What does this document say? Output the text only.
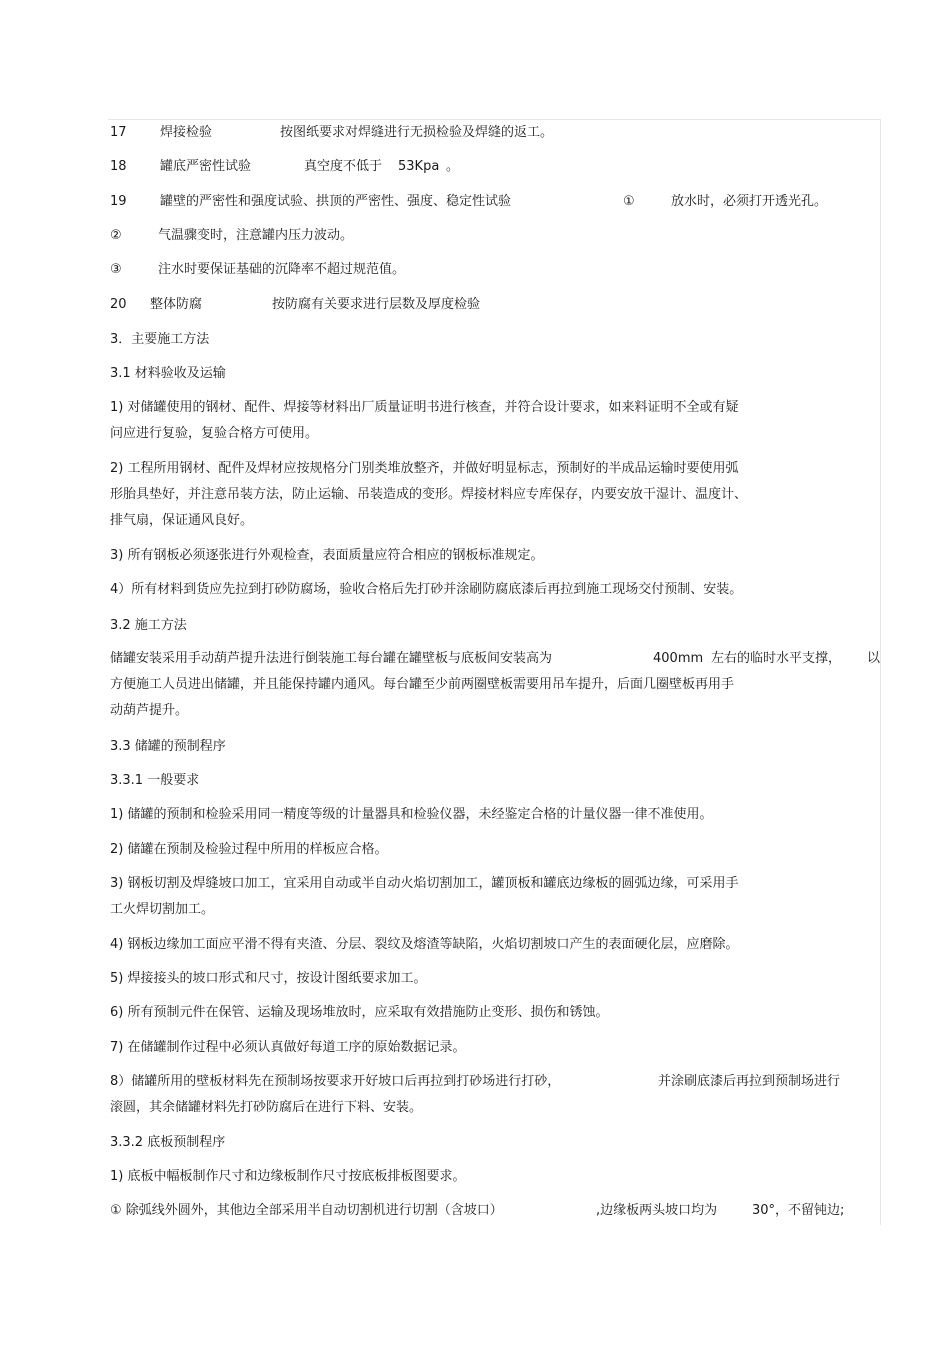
17	焊接检验	按图纸要求对焊缝进行无损检验及焊缝的返工。
18	罐底严密性试验	真空度不低于 53Kpa 。
19	罐壁的严密性和强度试验、拱顶的严密性、强度、稳定性试验	①	放水时，必须打开透光孔。
②	气温骤变时，注意罐内压力波动。
③	注水时要保证基础的沉降率不超过规范值。
20 整体防腐	按防腐有关要求进行层数及厚度检验
3．主要施工方法
3.1 材料验收及运输
1) 对储罐使用的钢材、配件、焊接等材料出厂质量证明书进行核查，并符合设计要求，如来料证明不全或有疑
问应进行复验，复验合格方可使用。
2) 工程所用钢材、配件及焊材应按规格分门别类堆放整齐，并做好明显标志，预制好的半成品运输时要使用弧
形胎具垫好，并注意吊装方法，防止运输、吊装造成的变形。焊接材料应专库保存，内要安放干湿计、温度计、
排气扇，保证通风良好。
3) 所有钢板必须逐张进行外观检查，表面质量应符合相应的钢板标准规定。
4）所有材料到货应先拉到打砂防腐场，验收合格后先打砂并涂刷防腐底漆后再拉到施工现场交付预制、安装。
3.2 施工方法
储罐安装采用手动葫芦提升法进行倒装施工每台罐在罐壁板与底板间安装高为	400mm 左右的临时水平支撑， 以
方便施工人员进出储罐，并且能保持罐内通风。每台罐至少前两圈壁板需要用吊车提升，后面几圈壁板再用手
动葫芦提升。
3.3 储罐的预制程序
3.3.1 一般要求
1) 储罐的预制和检验采用同一精度等级的计量器具和检验仪器，未经鉴定合格的计量仪器一律不准使用。
2) 储罐在预制及检验过程中所用的样板应合格。
3) 钢板切割及焊缝坡口加工，宜采用自动或半自动火焰切割加工，罐顶板和罐底边缘板的圆弧边缘，可采用手
工火焊切割加工。
4) 钢板边缘加工面应平滑不得有夹渣、分层、裂纹及熔渣等缺陷，火焰切割坡口产生的表面硬化层，应磨除。
5) 焊接接头的坡口形式和尺寸，按设计图纸要求加工。
6) 所有预制元件在保管、运输及现场堆放时，应采取有效措施防止变形、损伤和锈蚀。
7) 在储罐制作过程中必须认真做好每道工序的原始数据记录。
8）储罐所用的壁板材料先在预制场按要求开好坡口后再拉到打砂场进行打砂，	并涂刷底漆后再拉到预制场进行
滚圆，其余储罐材料先打砂防腐后在进行下料、安装。
3.3.2 底板预制程序
1) 底板中幅板制作尺寸和边缘板制作尺寸按底板排板图要求。
① 除弧线外圆外，其他边全部采用半自动切割机进行切割（含坡口）	,边缘板两头坡口均为	30°，不留钝边;
